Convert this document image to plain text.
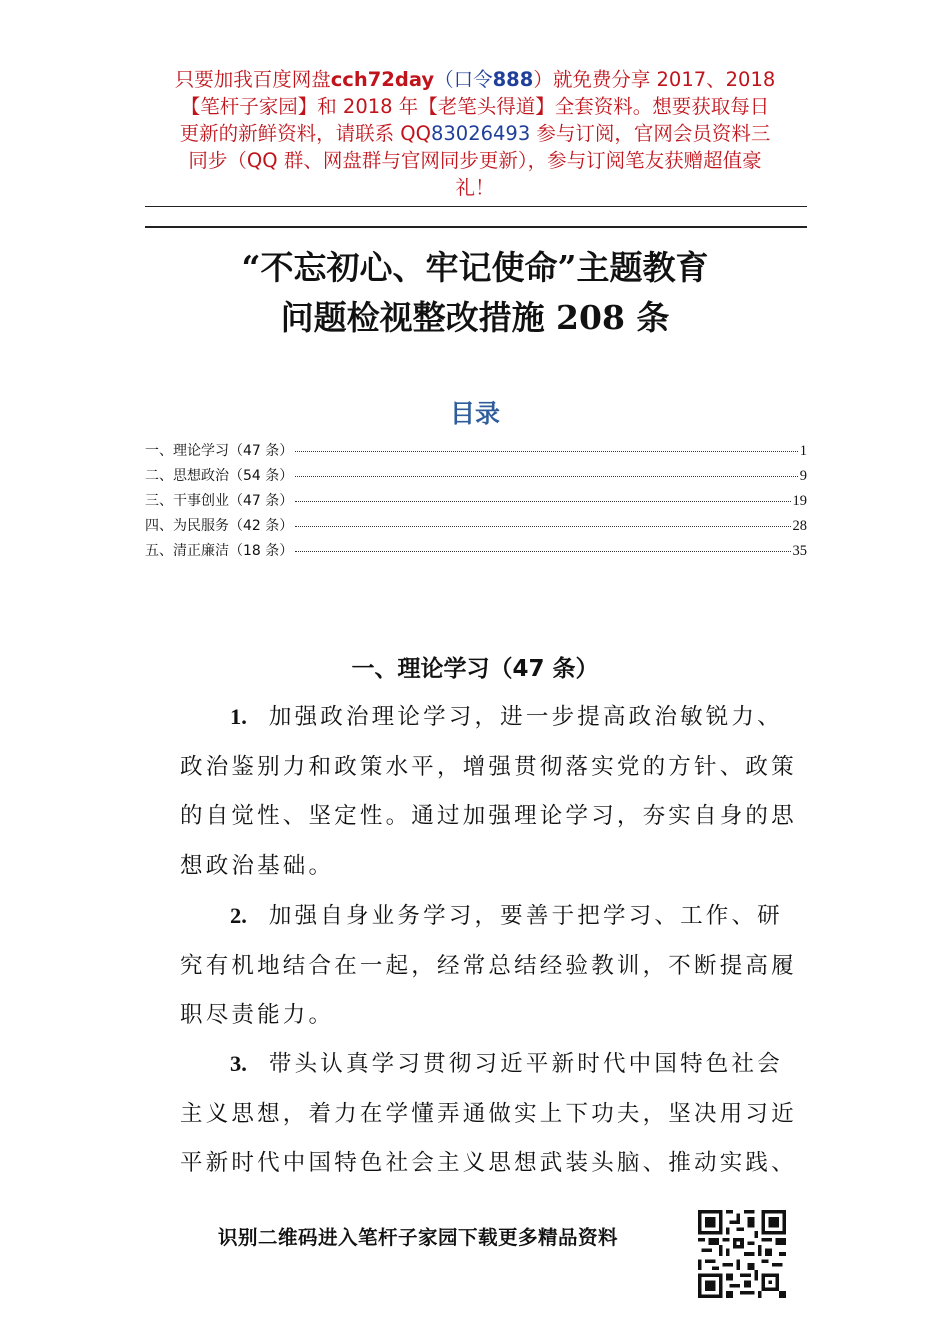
只要加我百度网盘cch72day（口令888）就免费分享 2017、2018
【笔杆子家园】和 2018 年【老笔头得道】全套资料。想要获取每日
更新的新鲜资料，请联系 QQ83026493 参与订阅，官网会员资料三
同步（QQ 群、网盘群与官网同步更新），参与订阅笔友获赠超值豪
礼！
“不忘初心、牢记使命”主题教育
问题检视整改措施 208 条
目录
一、理论学习（47 条）	1
二、思想政治（54 条）	9
三、干事创业（47 条）	19
四、为民服务（42 条）	28
五、清正廉洁（18 条）	35
一、理论学习（47 条）
1. 加强政治理论学习，进一步提高政治敏锐力、政治鉴别力和政策水平，增强贯彻落实党的方针、政策的自觉性、坚定性。通过加强理论学习，夯实自身的思想政治基础。
2. 加强自身业务学习，要善于把学习、工作、研究有机地结合在一起，经常总结经验教训，不断提高履职尽责能力。
3. 带头认真学习贯彻习近平新时代中国特色社会主义思想，着力在学懂弄通做实上下功夫，坚决用习近平新时代中国特色社会主义思想武装头脑、推动实践、
识别二维码进入笔杆子家园下载更多精品资料
